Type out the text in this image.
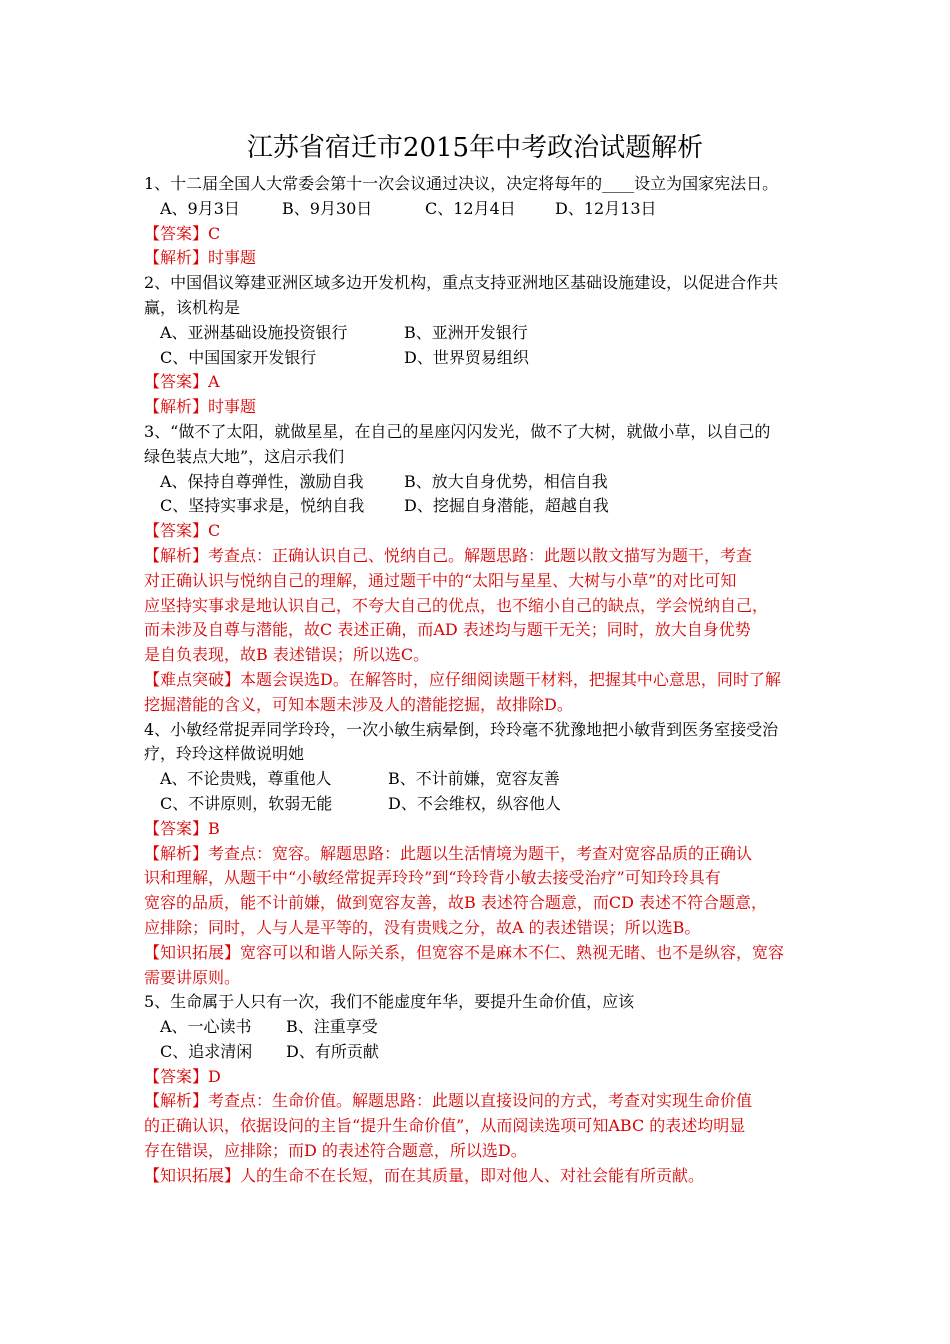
江苏省宿迁市2015年中考政治试题解析
1、十二届全国人大常委会第十一次会议通过决议，决定将每年的____设立为国家宪法日。
A、9月3日	B、9月30日	C、12月4日 D、12月13日
【答案】C
【解析】时事题
2、中国倡议筹建亚洲区域多边开发机构，重点支持亚洲地区基础设施建设，以促进合作共
赢，该机构是
A、亚洲基础设施投资银行	B、亚洲开发银行
C、中国国家开发银行	D、世界贸易组织
【答案】A
【解析】时事题
3、“做不了太阳，就做星星，在自己的星座闪闪发光，做不了大树，就做小草，以自己的
绿色装点大地”，这启示我们
A、保持自尊弹性，激励自我	B、放大自身优势，相信自我
C、坚持实事求是，悦纳自我 D、挖掘自身潜能，超越自我
【答案】C
【解析】考查点：正确认识自己、悦纳自己。解题思路：此题以散文描写为题干，考查
对正确认识与悦纳自己的理解，通过题干中的“太阳与星星、大树与小草”的对比可知
应坚持实事求是地认识自己，不夸大自己的优点，也不缩小自己的缺点，学会悦纳自己，
而未涉及自尊与潜能，故C 表述正确，而AD 表述均与题干无关；同时，放大自身优势
是自负表现，故B 表述错误；所以选C。
【难点突破】本题会误选D。在解答时，应仔细阅读题干材料，把握其中心意思，同时了解
挖掘潜能的含义，可知本题未涉及人的潜能挖掘，故排除D。
4、小敏经常捉弄同学玲玲，一次小敏生病晕倒，玲玲毫不犹豫地把小敏背到医务室接受治
疗，玲玲这样做说明她
A、不论贵贱，尊重他人	B、不计前嫌，宽容友善
C、不讲原则，软弱无能	D、不会维权，纵容他人
【答案】B
【解析】考查点：宽容。解题思路：此题以生活情境为题干，考查对宽容品质的正确认
识和理解，从题干中“小敏经常捉弄玲玲”到“玲玲背小敏去接受治疗”可知玲玲具有
宽容的品质，能不计前嫌，做到宽容友善，故B 表述符合题意，而CD 表述不符合题意，
应排除；同时，人与人是平等的，没有贵贱之分，故A 的表述错误；所以选B。
【知识拓展】宽容可以和谐人际关系，但宽容不是麻木不仁、熟视无睹、也不是纵容，宽容
需要讲原则。
5、生命属于人只有一次，我们不能虚度年华，要提升生命价值，应该
A、一心读书 B、注重享受
C、追求清闲 D、有所贡献
【答案】D
【解析】考查点：生命价值。解题思路：此题以直接设问的方式，考查对实现生命价值
的正确认识，依据设问的主旨“提升生命价值”，从而阅读选项可知ABC 的表述均明显
存在错误，应排除；而D 的表述符合题意，所以选D。
【知识拓展】人的生命不在长短，而在其质量，即对他人、对社会能有所贡献。
